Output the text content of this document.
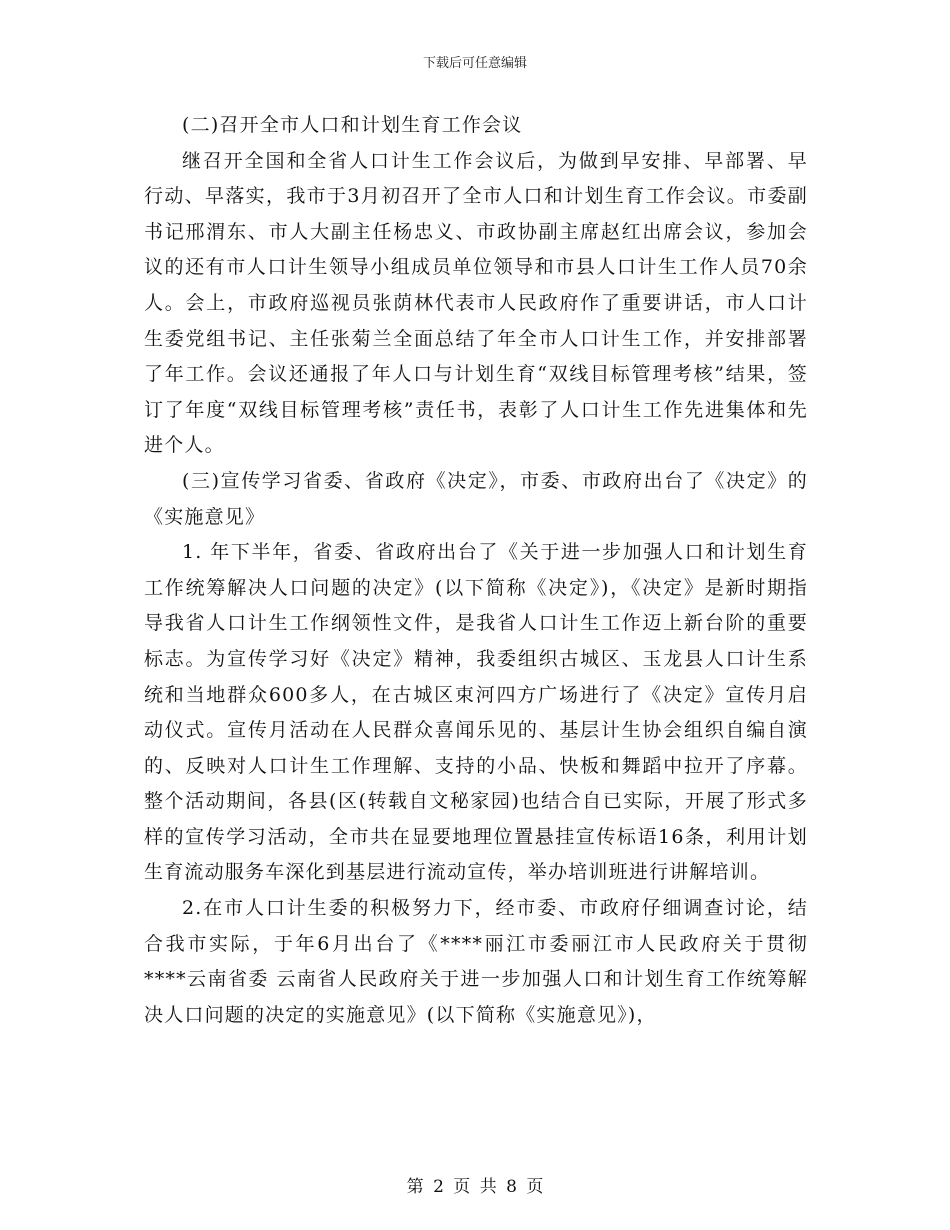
下载后可任意编辑

(二)召开全市人口和计划生育工作会议

继召开全国和全省人口计生工作会议后，为做到早安排、早部署、早行动、早落实，我市于3月初召开了全市人口和计划生育工作会议。市委副书记邢渭东、市人大副主任杨忠义、市政协副主席赵红出席会议，参加会议的还有市人口计生领导小组成员单位领导和市县人口计生工作人员70余人。会上，市政府巡视员张荫林代表市人民政府作了重要讲话，市人口计生委党组书记、主任张菊兰全面总结了年全市人口计生工作，并安排部署了年工作。会议还通报了年人口与计划生育“双线目标管理考核”结果，签订了年度“双线目标管理考核”责任书，表彰了人口计生工作先进集体和先进个人。

(三)宣传学习省委、省政府《决定》，市委、市政府出台了《决定》的《实施意见》

1. 年下半年，省委、省政府出台了《关于进一步加强人口和计划生育工作统筹解决人口问题的决定》(以下简称《决定》)，《决定》是新时期指导我省人口计生工作纲领性文件，是我省人口计生工作迈上新台阶的重要标志。为宣传学习好《决定》精神，我委组织古城区、玉龙县人口计生系统和当地群众600多人，在古城区束河四方广场进行了《决定》宣传月启动仪式。宣传月活动在人民群众喜闻乐见的、基层计生协会组织自编自演的、反映对人口计生工作理解、支持的小品、快板和舞蹈中拉开了序幕。整个活动期间，各县(区(转载自文秘家园)也结合自已实际，开展了形式多样的宣传学习活动，全市共在显要地理位置悬挂宣传标语16条，利用计划生育流动服务车深化到基层进行流动宣传，举办培训班进行讲解培训。

2.在市人口计生委的积极努力下，经市委、市政府仔细调查讨论，结合我市实际，于年6月出台了《****丽江市委丽江市人民政府关于贯彻****云南省委 云南省人民政府关于进一步加强人口和计划生育工作统筹解决人口问题的决定的实施意见》(以下简称《实施意见》)，

第 2 页 共 8 页
